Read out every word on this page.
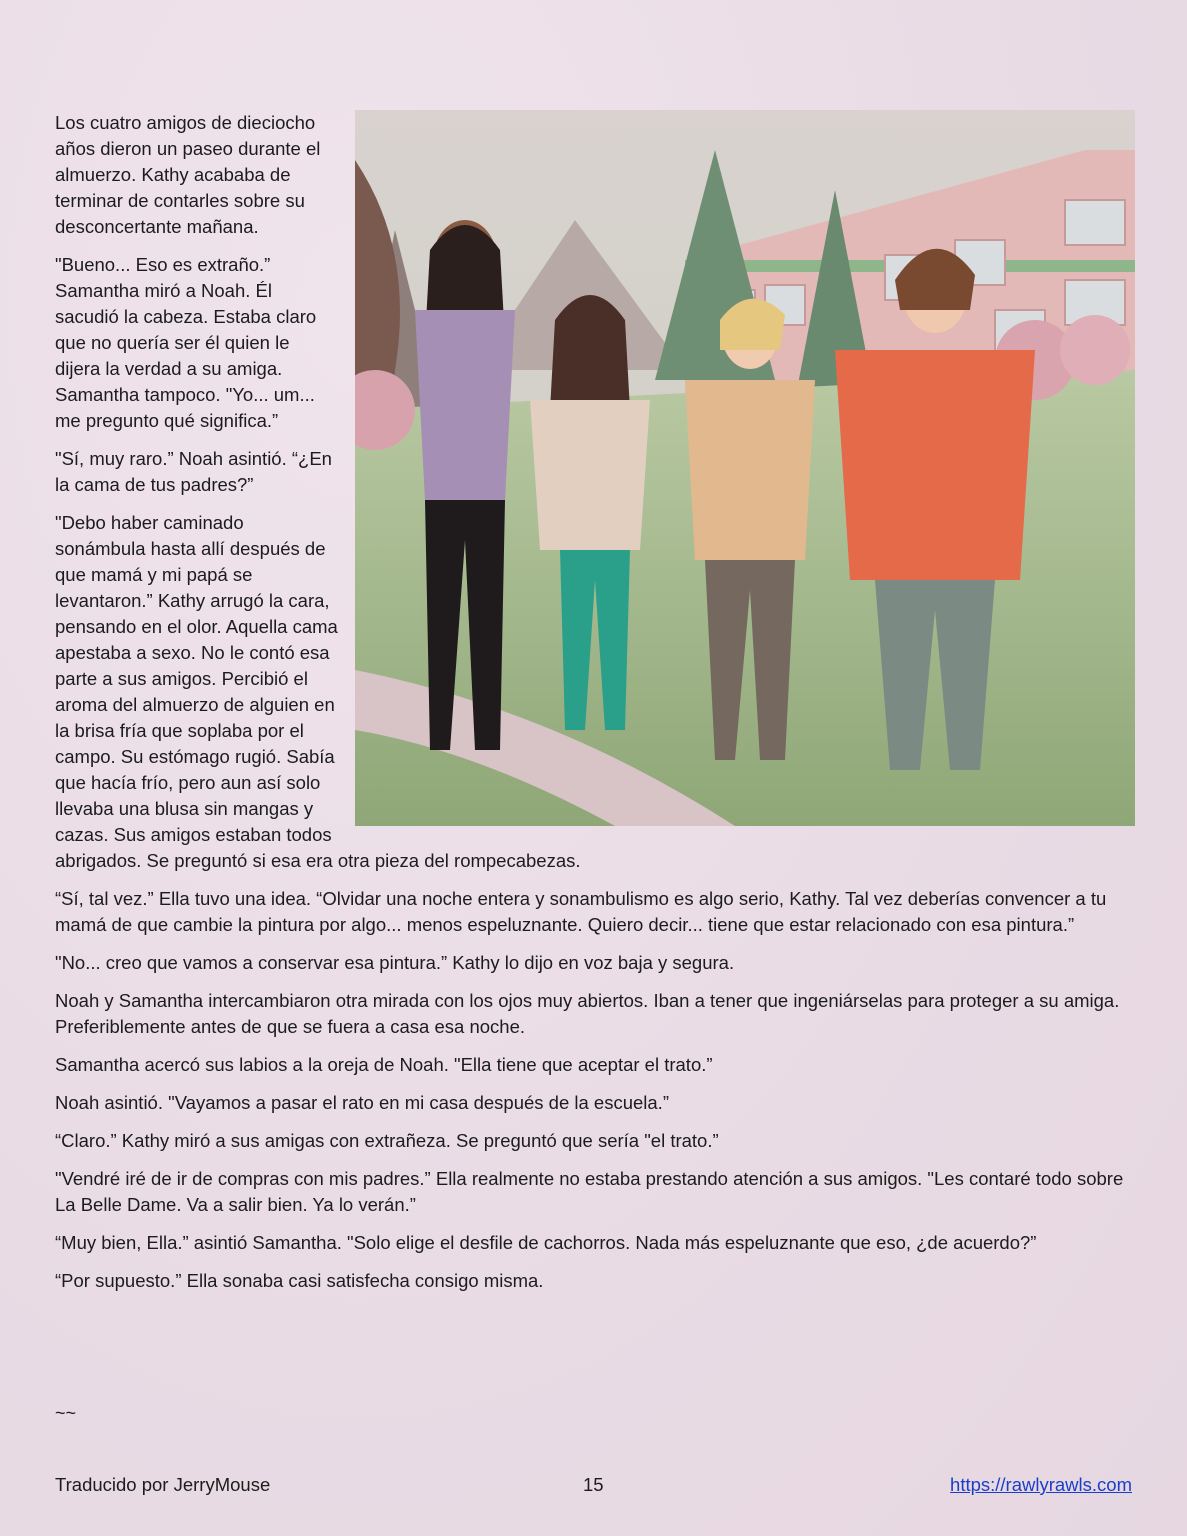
Los cuatro amigos de dieciocho años dieron un paseo durante el almuerzo. Kathy acababa de terminar de contarles sobre su desconcertante mañana.

"Bueno... Eso es extraño.” Samantha miró a Noah. Él sacudió la cabeza. Estaba claro que no quería ser él quien le dijera la verdad a su amiga. Samantha tampoco. "Yo... um... me pregunto qué significa.”

"Sí, muy raro.” Noah asintió. “¿En la cama de tus padres?”

"Debo haber caminado sonámbula hasta allí después de que mamá y mi papá se levantaron.” Kathy arrugó la cara, pensando en el olor. Aquella cama apestaba a sexo. No le contó esa parte a sus amigos. Percibió el aroma del almuerzo de alguien en la brisa fría que soplaba por el campo. Su estómago rugió. Sabía que hacía frío, pero aun así solo llevaba una blusa sin mangas y cazas. Sus amigos estaban todos abrigados. Se preguntó si esa era otra pieza del rompecabezas.

“Sí, tal vez.” Ella tuvo una idea. “Olvidar una noche entera y sonambulismo es algo serio, Kathy. Tal vez deberías convencer a tu mamá de que cambie la pintura por algo... menos espeluznante. Quiero decir... tiene que estar relacionado con esa pintura.”

"No... creo que vamos a conservar esa pintura.” Kathy lo dijo en voz baja y segura.

Noah y Samantha intercambiaron otra mirada con los ojos muy abiertos. Iban a tener que ingeniárselas para proteger a su amiga. Preferiblemente antes de que se fuera a casa esa noche.

Samantha acercó sus labios a la oreja de Noah. "Ella tiene que aceptar el trato.”

Noah asintió. "Vayamos a pasar el rato en mi casa después de la escuela.”

“Claro.” Kathy miró a sus amigas con extrañeza. Se preguntó que sería "el trato.”

"Vendré iré de ir de compras con mis padres.” Ella realmente no estaba prestando atención a sus amigos. "Les contaré todo sobre La Belle Dame. Va a salir bien. Ya lo verán.”

“Muy bien, Ella.” asintió Samantha. "Solo elige el desfile de cachorros. Nada más espeluznante que eso, ¿de acuerdo?”

“Por supuesto.” Ella sonaba casi satisfecha consigo misma.

~~
Traducido por JerryMouse	15	https://rawlyrawls.com
